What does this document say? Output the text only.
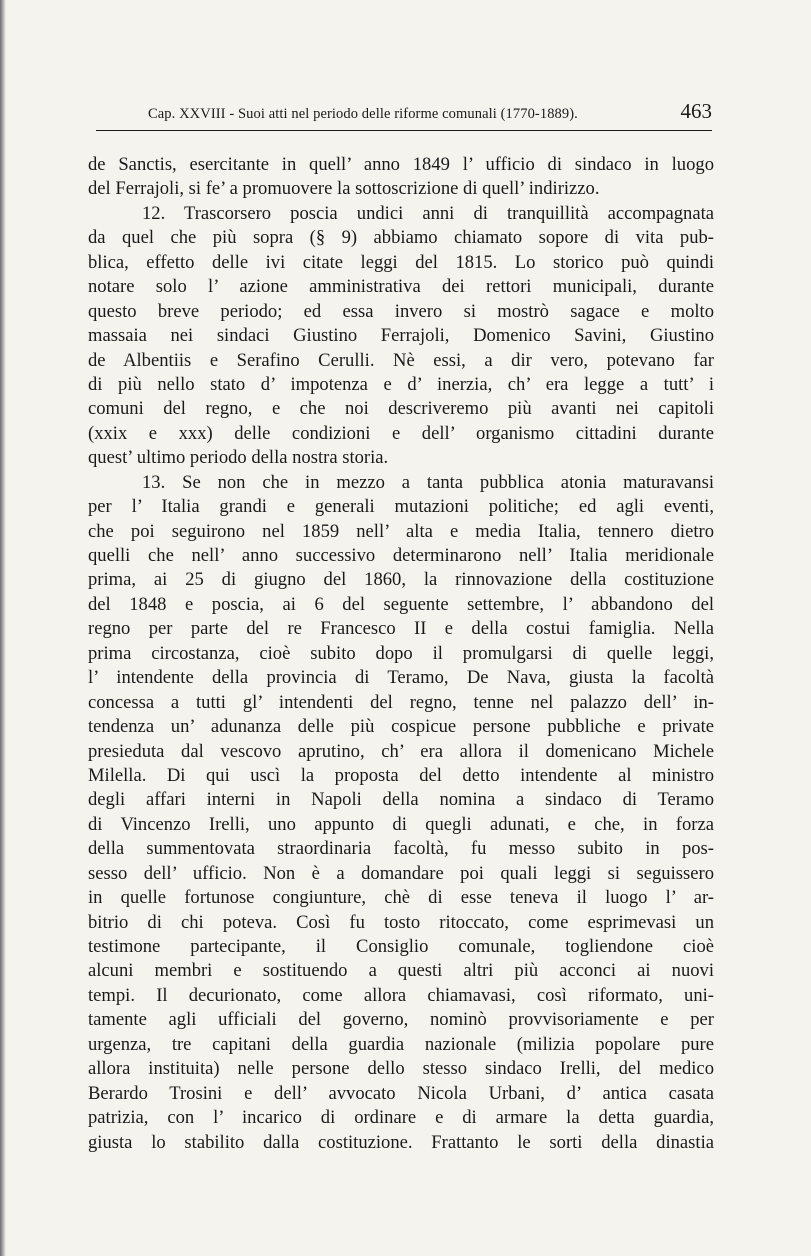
Cap. XXVIII - Suoi atti nel periodo delle riforme comunali (1770-1889).	463
de Sanctis, esercitante in quell’ anno 1849 l’ ufficio di sindaco in luogo
del Ferrajoli, si fe’ a promuovere la sottoscrizione di quell’ indirizzo.
12. Trascorsero poscia undici anni di tranquillità accompagnata
da quel che più sopra (§ 9) abbiamo chiamato sopore di vita pub-
blica, effetto delle ivi citate leggi del 1815. Lo storico può quindi
notare solo l’ azione amministrativa dei rettori municipali, durante
questo breve periodo; ed essa invero si mostrò sagace e molto
massaia nei sindaci Giustino Ferrajoli, Domenico Savini, Giustino
de Albentiis e Serafino Cerulli. Nè essi, a dir vero, potevano far
di più nello stato d’ impotenza e d’ inerzia, ch’ era legge a tutt’ i
comuni del regno, e che noi descriveremo più avanti nei capitoli
(xxix e xxx) delle condizioni e dell’ organismo cittadini durante
quest’ ultimo periodo della nostra storia.
13. Se non che in mezzo a tanta pubblica atonia maturavansi
per l’ Italia grandi e generali mutazioni politiche; ed agli eventi,
che poi seguirono nel 1859 nell’ alta e media Italia, tennero dietro
quelli che nell’ anno successivo determinarono nell’ Italia meridionale
prima, ai 25 di giugno del 1860, la rinnovazione della costituzione
del 1848 e poscia, ai 6 del seguente settembre, l’ abbandono del
regno per parte del re Francesco II e della costui famiglia. Nella
prima circostanza, cioè subito dopo il promulgarsi di quelle leggi,
l’ intendente della provincia di Teramo, De Nava, giusta la facoltà
concessa a tutti gl’ intendenti del regno, tenne nel palazzo dell’ in-
tendenza un’ adunanza delle più cospicue persone pubbliche e private
presieduta dal vescovo aprutino, ch’ era allora il domenicano Michele
Milella. Di qui uscì la proposta del detto intendente al ministro
degli affari interni in Napoli della nomina a sindaco di Teramo
di Vincenzo Irelli, uno appunto di quegli adunati, e che, in forza
della summentovata straordinaria facoltà, fu messo subito in pos-
sesso dell’ ufficio. Non è a domandare poi quali leggi si seguissero
in quelle fortunose congiunture, chè di esse teneva il luogo l’ ar-
bitrio di chi poteva. Così fu tosto ritoccato, come esprimevasi un
testimone partecipante, il Consiglio comunale, togliendone cioè
alcuni membri e sostituendo a questi altri più acconci ai nuovi
tempi. Il decurionato, come allora chiamavasi, così riformato, uni-
tamente agli ufficiali del governo, nominò provvisoriamente e per
urgenza, tre capitani della guardia nazionale (milizia popolare pure
allora instituita) nelle persone dello stesso sindaco Irelli, del medico
Berardo Trosini e dell’ avvocato Nicola Urbani, d’ antica casata
patrizia, con l’ incarico di ordinare e di armare la detta guardia,
giusta lo stabilito dalla costituzione. Frattanto le sorti della dinastia
